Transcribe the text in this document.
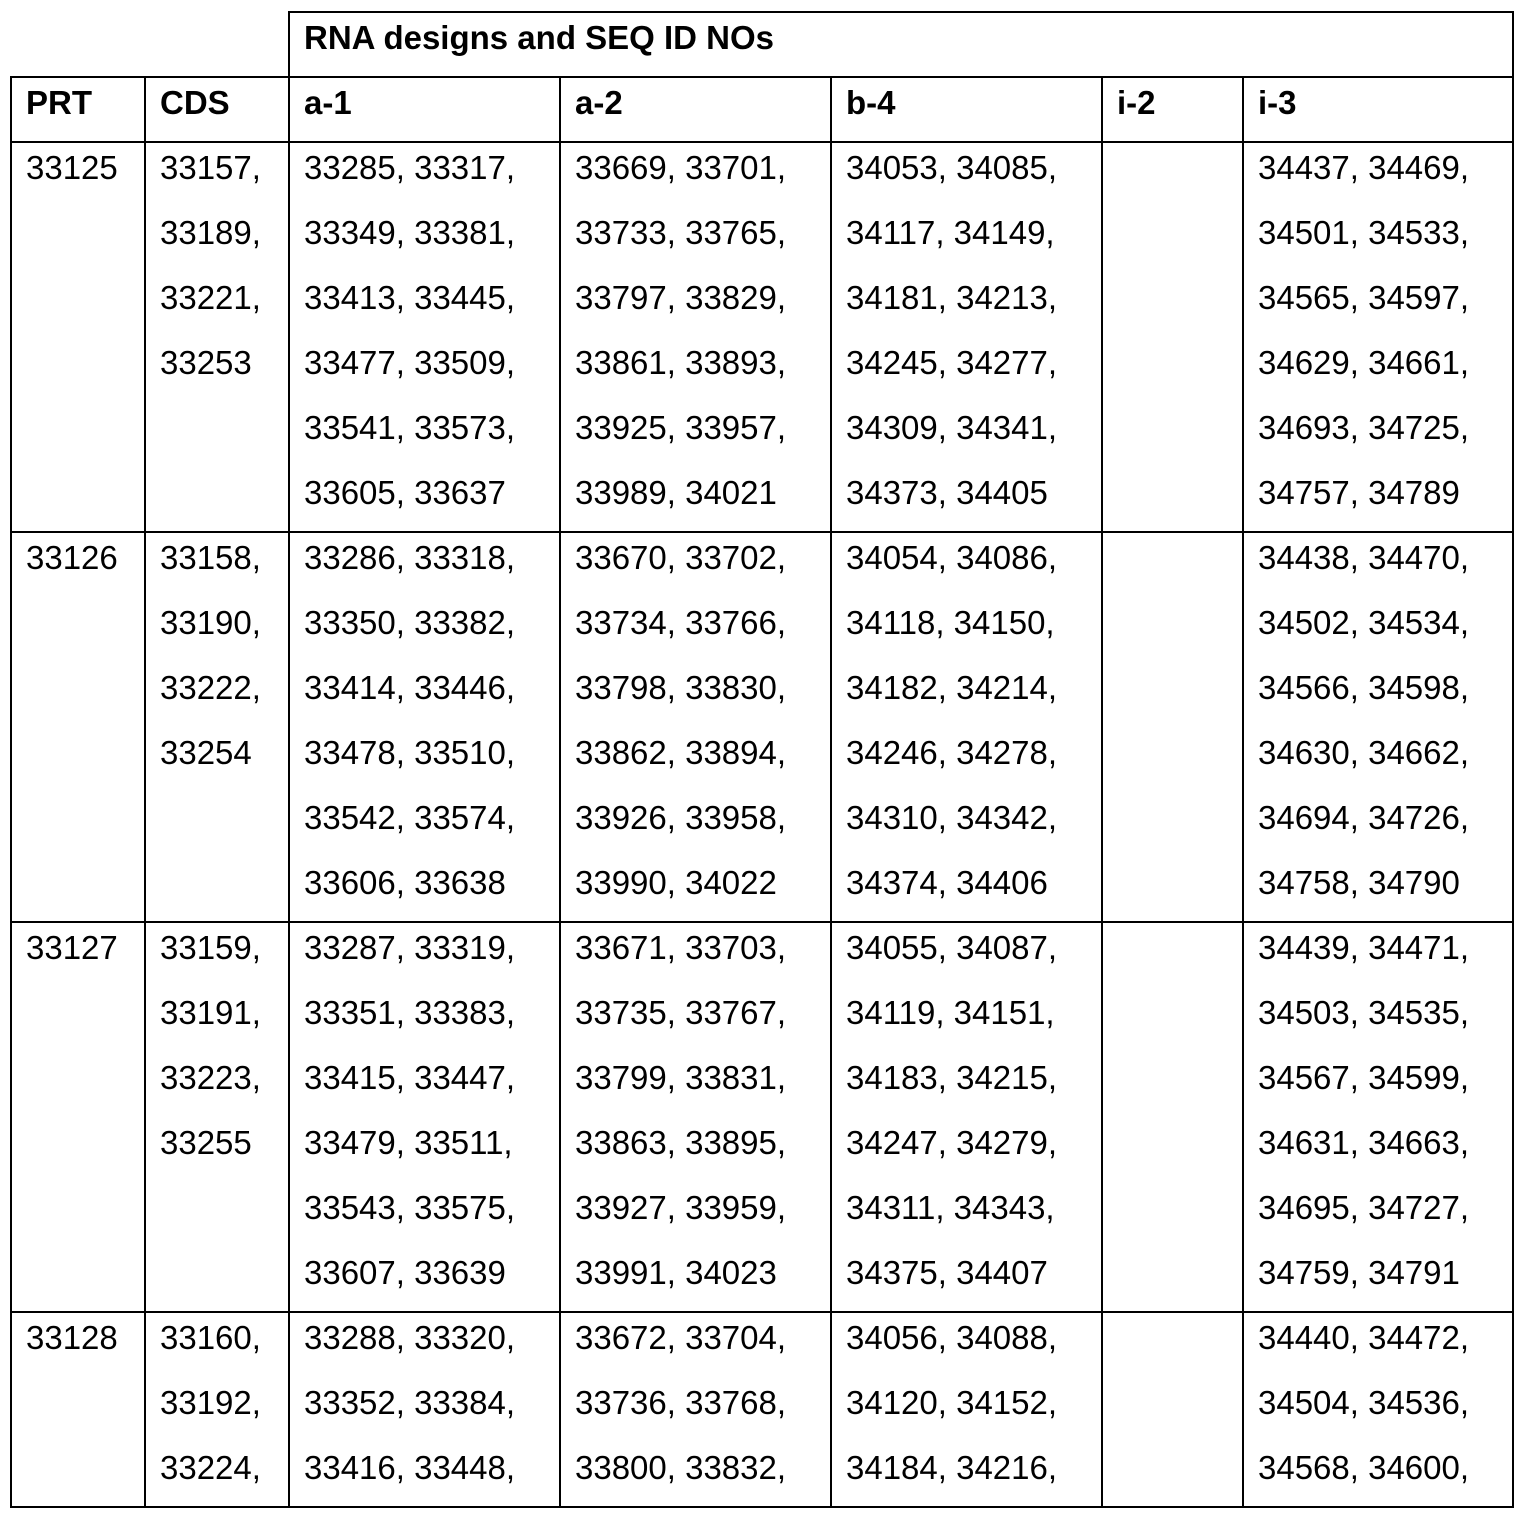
	RNA designs and SEQ ID NOs
PRT	CDS	a-1	a-2	b-4	i-2	i-3

33125	33157,
33189,
33221,
33253

33285, 33317,
33349, 33381,
33413, 33445,
33477, 33509,
33541, 33573,
33605, 33637

33669, 33701,
33733, 33765,
33797, 33829,
33861, 33893,
33925, 33957,
33989, 34021

34053, 34085,
34117, 34149,
34181, 34213,
34245, 34277,
34309, 34341,
34373, 34405

34437, 34469,
34501, 34533,
34565, 34597,
34629, 34661,
34693, 34725,
34757, 34789

33126	33158,
33190,
33222,
33254

33286, 33318,
33350, 33382,
33414, 33446,
33478, 33510,
33542, 33574,
33606, 33638

33670, 33702,
33734, 33766,
33798, 33830,
33862, 33894,
33926, 33958,
33990, 34022

34054, 34086,
34118, 34150,
34182, 34214,
34246, 34278,
34310, 34342,
34374, 34406

34438, 34470,
34502, 34534,
34566, 34598,
34630, 34662,
34694, 34726,
34758, 34790

33127	33159,
33191,
33223,
33255

33287, 33319,
33351, 33383,
33415, 33447,
33479, 33511,
33543, 33575,
33607, 33639

33671, 33703,
33735, 33767,
33799, 33831,
33863, 33895,
33927, 33959,
33991, 34023

34055, 34087,
34119, 34151,
34183, 34215,
34247, 34279,
34311, 34343,
34375, 34407

34439, 34471,
34503, 34535,
34567, 34599,
34631, 34663,
34695, 34727,
34759, 34791

33128	33160,
33192,
33224,

33288, 33320,
33352, 33384,
33416, 33448,

33672, 33704,
33736, 33768,
33800, 33832,

34056, 34088,
34120, 34152,
34184, 34216,

34440, 34472,
34504, 34536,
34568, 34600,
